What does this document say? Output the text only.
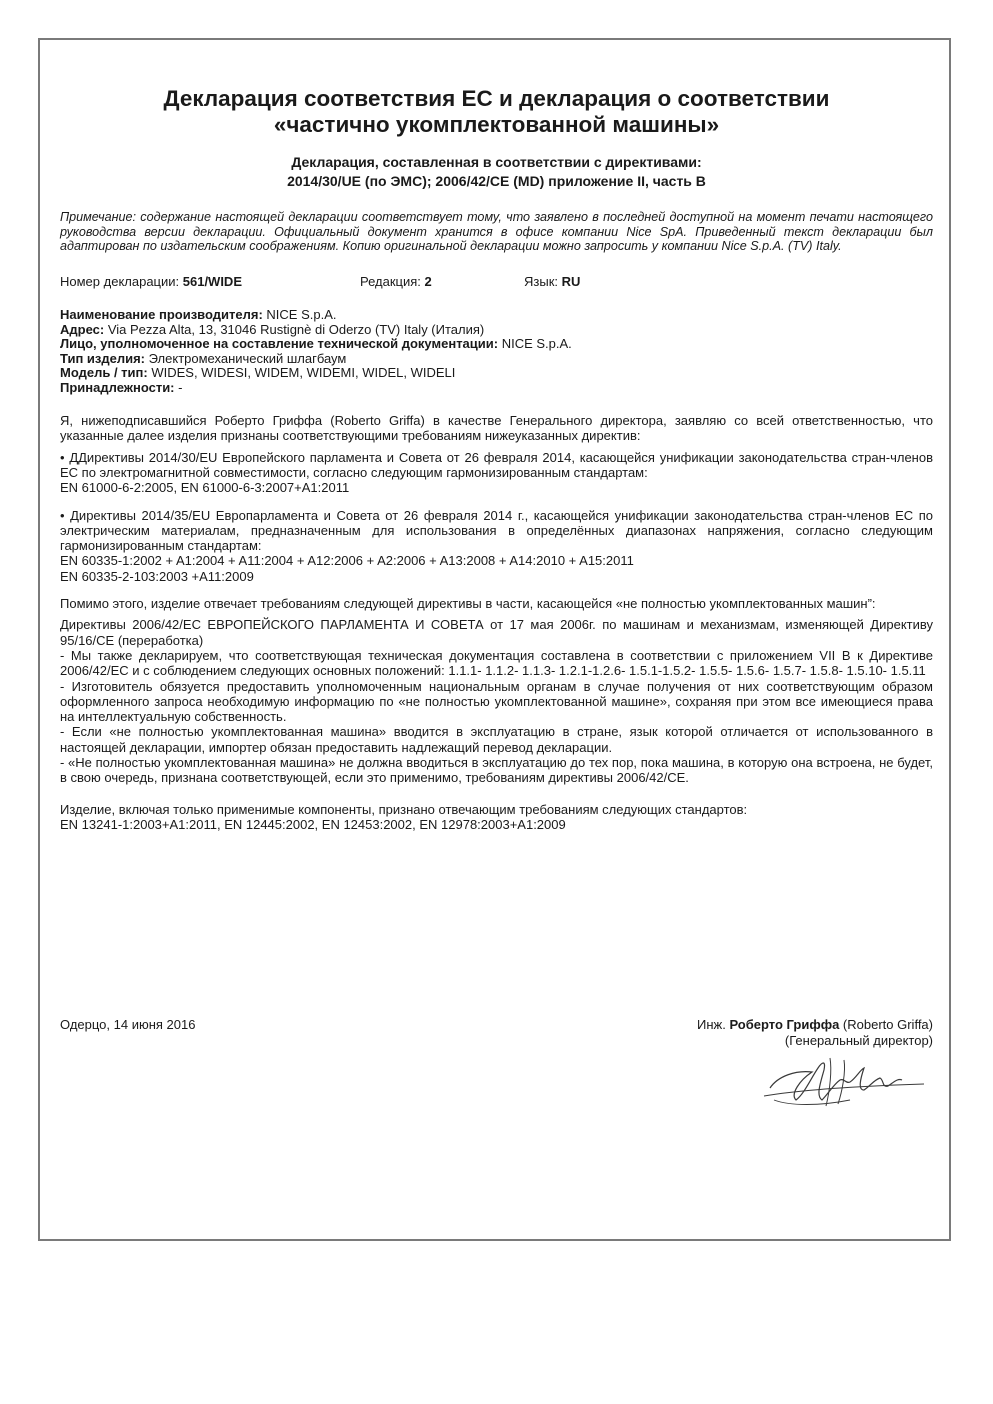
Декларация соответствия ЕС и декларация о соответствии
«частично укомплектованной машины»
Декларация, составленная в соответствии с директивами:
2014/30/UE (по ЭМС); 2006/42/CE (MD) приложение II, часть B
Примечание: содержание настоящей декларации соответствует тому, что заявлено в последней доступной на момент печати настоящего руководства версии декларации. Официальный документ хранится в офисе компании Nice SpA. Приведенный текст декларации был адаптирован по издательским соображениям. Копию оригинальной декларации можно запросить у компании Nice S.p.A. (TV) Italy.
Номер декларации: 561/WIDE	Редакция: 2	Язык: RU
Наименование производителя: NICE S.p.A.
Адрес: Via Pezza Alta, 13, 31046 Rustignè di Oderzo (TV) Italy (Италия)
Лицо, уполномоченное на составление технической документации: NICE S.p.A.
Тип изделия: Электромеханический шлагбаум
Модель / тип: WIDES, WIDESI, WIDEM, WIDEMI, WIDEL, WIDELI
Принадлежности: -
Я, нижеподписавшийся Роберто Гриффа (Roberto Griffa) в качестве Генерального директора, заявляю со всей ответственностью, что указанные далее изделия признаны соответствующими требованиям нижеуказанных директив:
• ДДирективы 2014/30/EU Европейского парламента и Совета от 26 февраля 2014, касающейся унификации законодательства стран-членов ЕС по электромагнитной совместимости, согласно следующим гармонизированным стандартам:
EN 61000-6-2:2005, EN 61000-6-3:2007+A1:2011
• Директивы 2014/35/EU Европарламента и Совета от 26 февраля 2014 г., касающейся унификации законодательства стран-членов ЕС по электрическим материалам, предназначенным для использования в определённых диапазонах напряжения, согласно следующим гармонизированным стандартам:
EN 60335-1:2002 + A1:2004 + A11:2004 + A12:2006 + A2:2006 + A13:2008 + A14:2010 + A15:2011
EN 60335-2-103:2003 +A11:2009
Помимо этого, изделие отвечает требованиям следующей директивы в части, касающейся «не полностью укомплектованных машин”:
Директивы 2006/42/ЕС ЕВРОПЕЙСКОГО ПАРЛАМЕНТА И СОВЕТА от 17 мая 2006г. по машинам и механизмам, изменяющей Директиву 95/16/CE (переработка)
- Мы также декларируем, что соответствующая техническая документация составлена в соответствии с приложением VII B к Директиве 2006/42/ЕС и с соблюдением следующих основных положений: 1.1.1- 1.1.2- 1.1.3- 1.2.1-1.2.6- 1.5.1-1.5.2- 1.5.5- 1.5.6- 1.5.7- 1.5.8- 1.5.10- 1.5.11
- Изготовитель обязуется предоставить уполномоченным национальным органам в случае получения от них соответствующим образом оформленного запроса необходимую информацию по «не полностью укомплектованной машине», сохраняя при этом все имеющиеся права на интеллектуальную собственность.
- Если «не полностью укомплектованная машина» вводится в эксплуатацию в стране, язык которой отличается от использованного в настоящей декларации, импортер обязан предоставить надлежащий перевод декларации.
- «Не полностью укомплектованная машина» не должна вводиться в эксплуатацию до тех пор, пока машина, в которую она встроена, не будет, в свою очередь, признана соответствующей, если это применимо, требованиям директивы 2006/42/CE.
Изделие, включая только применимые компоненты, признано отвечающим требованиям следующих стандартов:
EN 13241-1:2003+A1:2011, EN 12445:2002, EN 12453:2002, EN 12978:2003+A1:2009
Одерцо, 14 июня 2016	Инж. Роберто Гриффа (Roberto Griffa)
(Генеральный директор)
